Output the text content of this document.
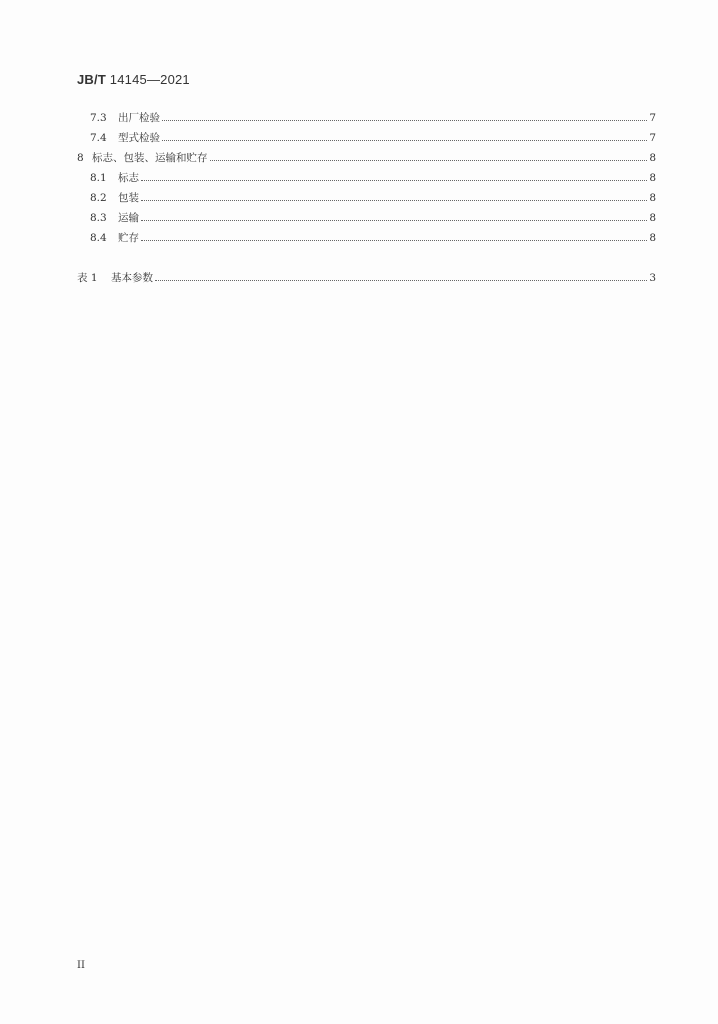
JB/T 14145—2021
7.3	出厂检验	7
7.4	型式检验	7
8 标志、包装、运输和贮存	8
8.1	标志	8
8.2	包装	8
8.3	运输	8
8.4	贮存	8
表 1	基本参数	3
II
